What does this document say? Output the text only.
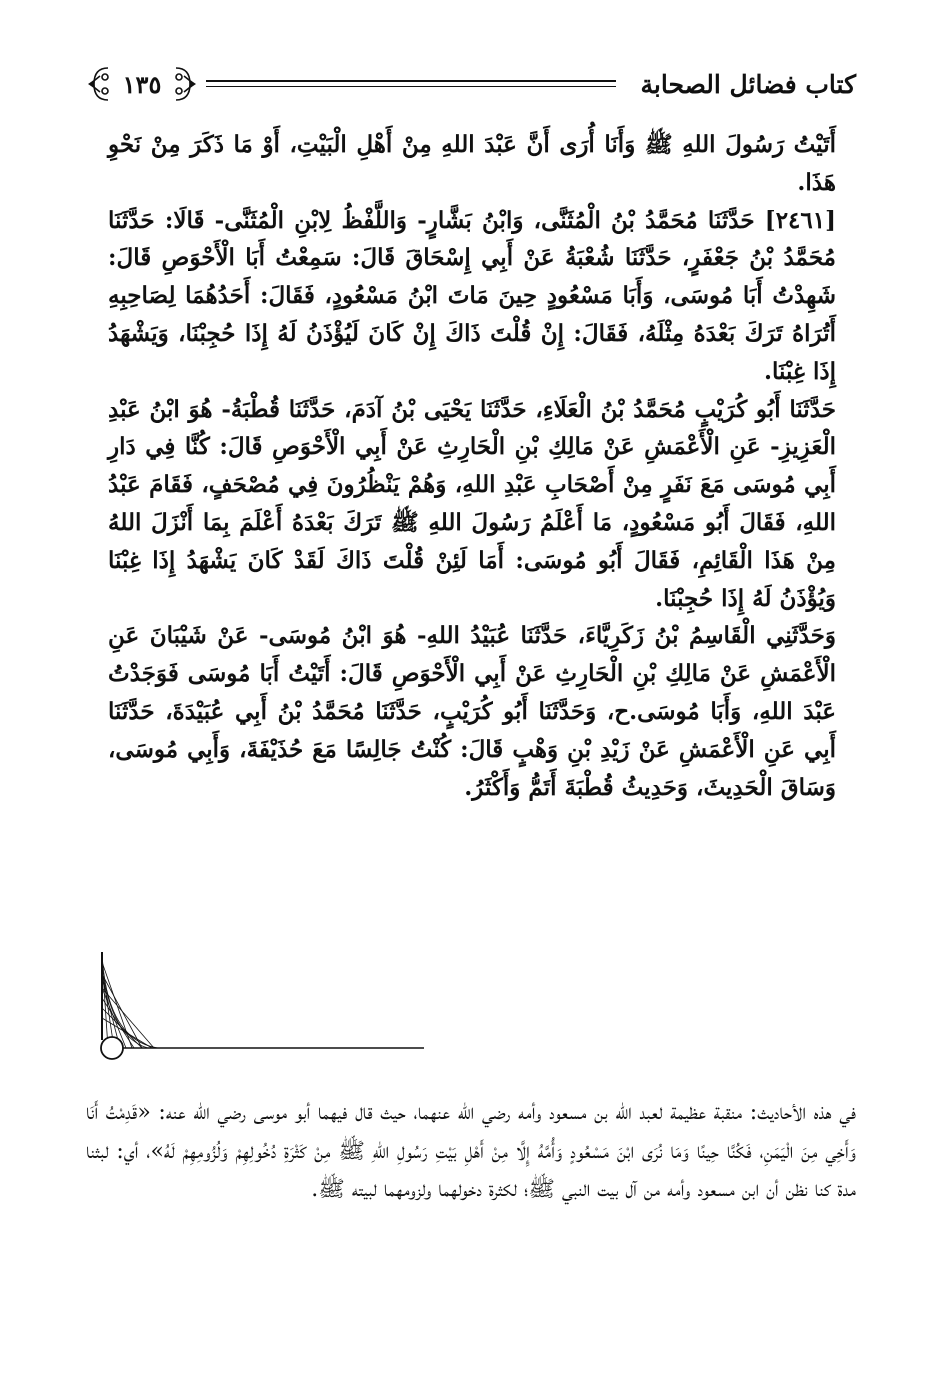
كتاب فضائل الصحابة
١٣٥

أَتَيْتُ رَسُولَ اللهِ ﷺ وَأَنَا أُرَى أَنَّ عَبْدَ اللهِ مِنْ أَهْلِ الْبَيْتِ، أَوْ مَا ذَكَرَ مِنْ نَحْوِ هَذَا.

[٢٤٦١] حَدَّثَنَا مُحَمَّدُ بْنُ الْمُثَنَّى، وَابْنُ بَشَّارٍ- وَاللَّفْظُ لِابْنِ الْمُثَنَّى- قَالَا: حَدَّثَنَا مُحَمَّدُ بْنُ جَعْفَرٍ، حَدَّثَنَا شُعْبَةُ عَنْ أَبِي إِسْحَاقَ قَالَ: سَمِعْتُ أَبَا الْأَحْوَصِ قَالَ: شَهِدْتُ أَبَا مُوسَى، وَأَبَا مَسْعُودٍ حِينَ مَاتَ ابْنُ مَسْعُودٍ، فَقَالَ: أَحَدُهُمَا لِصَاحِبِهِ أَتُرَاهُ تَرَكَ بَعْدَهُ مِثْلَهُ، فَقَالَ: إِنْ قُلْتَ ذَاكَ إِنْ كَانَ لَيُؤْذَنُ لَهُ إِذَا حُجِبْنَا، وَيَشْهَدُ إِذَا غِبْنَا.

حَدَّثَنَا أَبُو كُرَيْبٍ مُحَمَّدُ بْنُ الْعَلَاءِ، حَدَّثَنَا يَحْيَى بْنُ آدَمَ، حَدَّثَنَا قُطْبَةُ- هُوَ ابْنُ عَبْدِ الْعَزِيزِ- عَنِ الْأَعْمَشِ عَنْ مَالِكِ بْنِ الْحَارِثِ عَنْ أَبِي الْأَحْوَصِ قَالَ: كُنَّا فِي دَارِ أَبِي مُوسَى مَعَ نَفَرٍ مِنْ أَصْحَابِ عَبْدِ اللهِ، وَهُمْ يَنْظُرُونَ فِي مُصْحَفٍ، فَقَامَ عَبْدُ اللهِ، فَقَالَ أَبُو مَسْعُودٍ، مَا أَعْلَمُ رَسُولَ اللهِ ﷺ تَرَكَ بَعْدَهُ أَعْلَمَ بِمَا أَنْزَلَ اللهُ مِنْ هَذَا الْقَائِمِ، فَقَالَ أَبُو مُوسَى: أَمَا لَئِنْ قُلْتَ ذَاكَ لَقَدْ كَانَ يَشْهَدُ إِذَا غِبْنَا وَيُؤْذَنُ لَهُ إِذَا حُجِبْنَا.

وَحَدَّثَنِي الْقَاسِمُ بْنُ زَكَرِيَّاءَ، حَدَّثَنَا عُبَيْدُ اللهِ- هُوَ ابْنُ مُوسَى- عَنْ شَيْبَانَ عَنِ الْأَعْمَشِ عَنْ مَالِكِ بْنِ الْحَارِثِ عَنْ أَبِي الْأَحْوَصِ قَالَ: أَتَيْتُ أَبَا مُوسَى فَوَجَدْتُ عَبْدَ اللهِ، وَأَبَا مُوسَى.ح، وَحَدَّثَنَا أَبُو كُرَيْبٍ، حَدَّثَنَا مُحَمَّدُ بْنُ أَبِي عُبَيْدَةَ، حَدَّثَنَا أَبِي عَنِ الْأَعْمَشِ عَنْ زَيْدِ بْنِ وَهْبٍ قَالَ: كُنْتُ جَالِسًا مَعَ حُذَيْفَةَ، وَأَبِي مُوسَى، وَسَاقَ الْحَدِيثَ، وَحَدِيثُ قُطْبَةَ أَتَمُّ وَأَكْثَرُ.

في هذه الأحاديث: منقبة عظيمة لعبد الله بن مسعود وأمه رضي الله عنهما، حيث قال فيهما أبو موسى رضي الله عنه: «قَدِمْتُ أَنَا وَأَخِي مِنَ الْيَمَنِ، فَكُنَّا حِينًا وَمَا نُرَى ابْنَ مَسْعُودٍ وَأُمَّهُ إِلَّا مِنْ أَهْلِ بَيْتِ رَسُولِ اللهِ ﷺ مِنْ كَثْرَةِ دُخُولِهِمْ وَلُزُومِهِمْ لَهُ»، أي: لبثنا مدة كنا نظن أن ابن مسعود وأمه من آل بيت النبي ﷺ؛ لكثرة دخولهما ولزومهما لبيته ﷺ.
